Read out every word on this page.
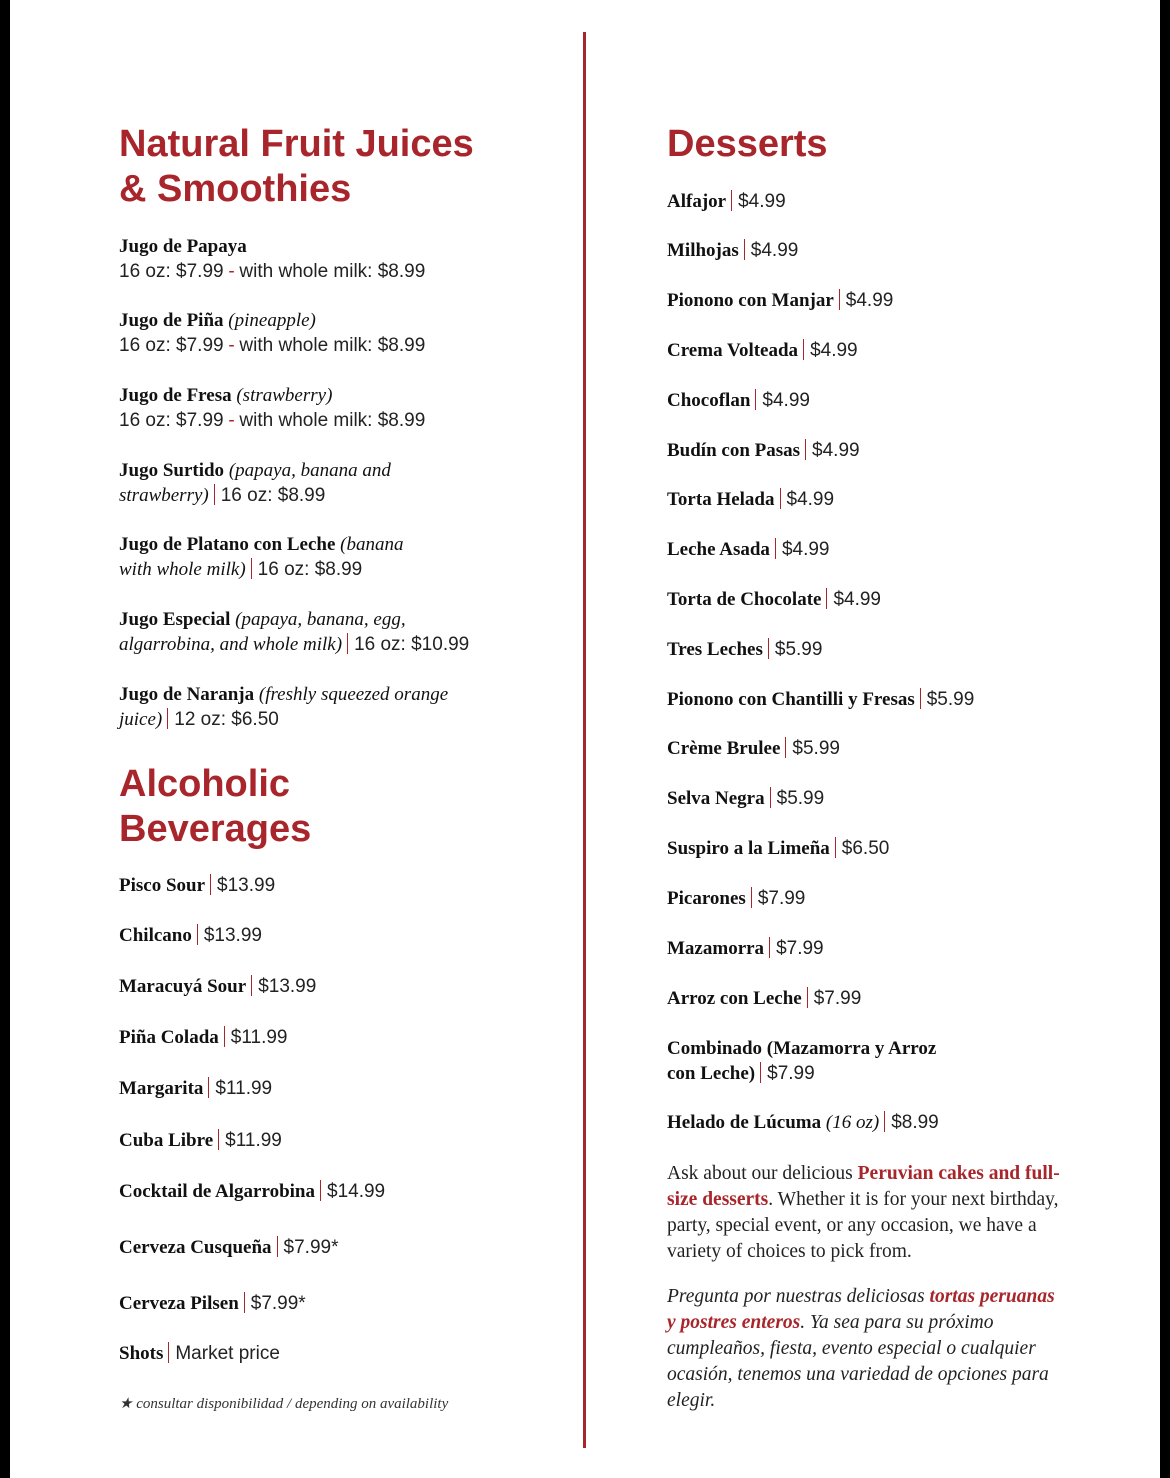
Natural Fruit Juices
& Smoothies
Jugo de Papaya
16 oz: $7.99 - with whole milk: $8.99
Jugo de Piña (pineapple)
16 oz: $7.99 - with whole milk: $8.99
Jugo de Fresa (strawberry)
16 oz: $7.99 - with whole milk: $8.99
Jugo Surtido (papaya, banana and
strawberry) 16 oz: $8.99
Jugo de Platano con Leche (banana
with whole milk) 16 oz: $8.99
Jugo Especial (papaya, banana, egg,
algarrobina, and whole milk) 16 oz: $10.99
Jugo de Naranja (freshly squeezed orange
juice) 12 oz: $6.50
Alcoholic
Beverages
Pisco Sour $13.99
Chilcano $13.99
Maracuyá Sour $13.99
Piña Colada $11.99
Margarita $11.99
Cuba Libre $11.99
Cocktail de Algarrobina $14.99
Cerveza Cusqueña $7.99*
Cerveza Pilsen $7.99*
Shots Market price
★ consultar disponibilidad / depending on availability
Desserts
Alfajor $4.99
Milhojas $4.99
Pionono con Manjar $4.99
Crema Volteada $4.99
Chocoflan $4.99
Budín con Pasas $4.99
Torta Helada $4.99
Leche Asada $4.99
Torta de Chocolate $4.99
Tres Leches $5.99
Pionono con Chantilli y Fresas $5.99
Crème Brulee $5.99
Selva Negra $5.99
Suspiro a la Limeña $6.50
Picarones $7.99
Mazamorra $7.99
Arroz con Leche $7.99
Combinado (Mazamorra y Arroz
con Leche) $7.99
Helado de Lúcuma (16 oz) $8.99
Ask about our delicious Peruvian cakes and full-size desserts. Whether it is for your next birthday, party, special event, or any occasion, we have a variety of choices to pick from.
Pregunta por nuestras deliciosas tortas peruanas y postres enteros. Ya sea para su próximo cumpleaños, fiesta, evento especial o cualquier ocasión, tenemos una variedad de opciones para elegir.
